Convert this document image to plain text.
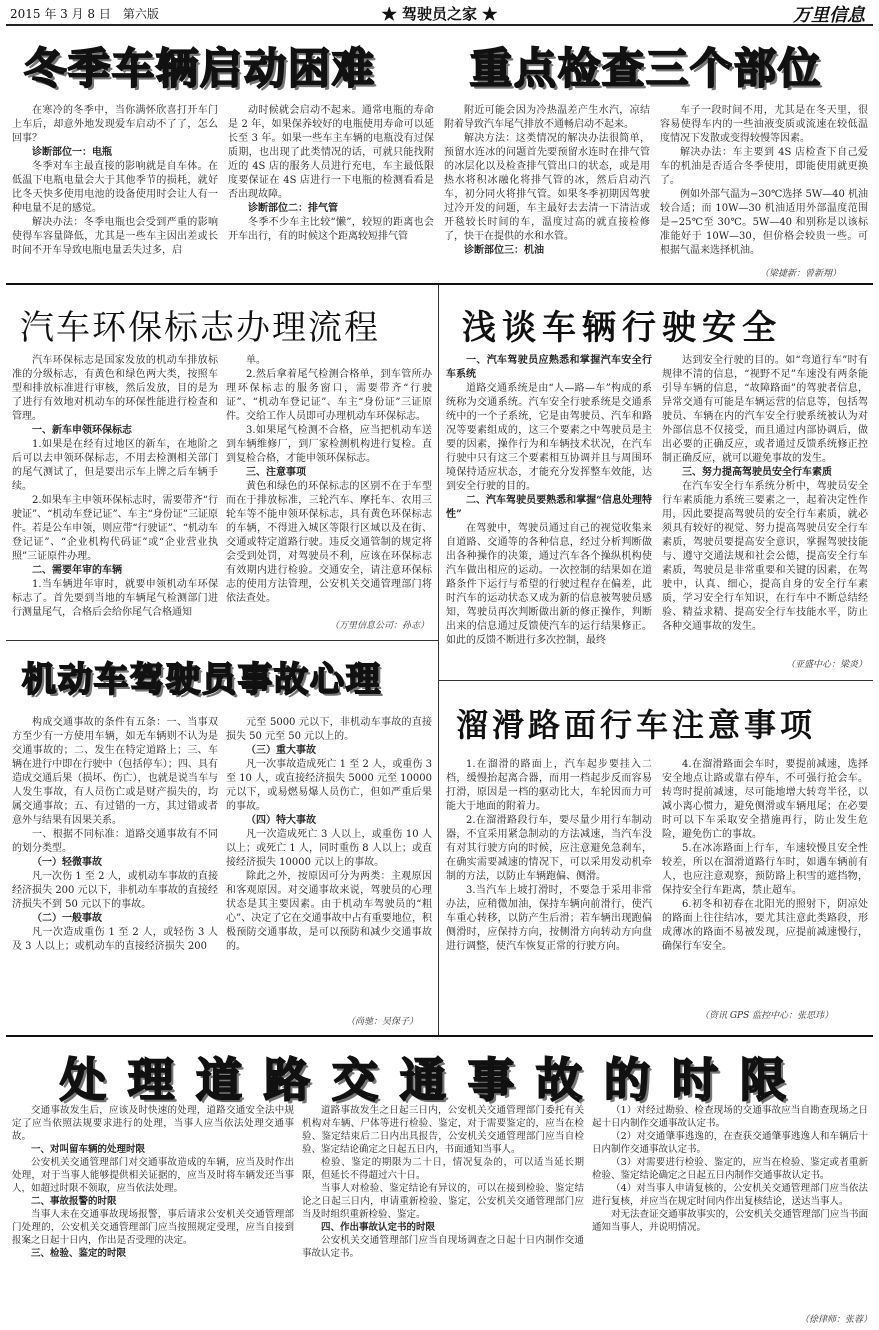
2015 年 3 月 8 日　第六版	★ 驾驶员之家 ★	万里信息
冬季车辆启动困难 重点检查三个部位

在寒冷的冬季中，当你满怀欣喜打开车门上车后，却意外地发现爱车启动不了了，怎么回事？

诊断部位一：电瓶

冬季对车主最直接的影响就是自车体。在低温下电瓶电量会大于其他季节的损耗，就好比冬天快多使用电池的设备使用时会让人有一种电量不足的感觉。

解决办法：冬季电瓶也会受到严重的影响使得车容量降低，尤其是一些车主因出差或长时间不开车导致电瓶电量丢失过多，启

动时候就会启动不起来。通常电瓶的寿命是 2 年，如果保养较好的电瓶使用寿命可以延长至 3 年。如果一些车主车辆的电瓶没有过保质期，也出现了此类情况的话，可就只能找附近的 4S 店的服务人员进行充电，车主最低限度要保证在 4S 店进行一下电瓶的检测看看是否出现故障。

诊断部位二：排气管

冬季不少车主比较“懒”，较短的距离也会开车出行，有的时候这个距离较短排气管

附近可能会因为冷热温差产生水汽，凉结附着导致汽车尾气排放不通畅启动不起来。

解决方法：这类情况的解决办法很简单，预留水连冰的问题首先要预留水连时在排气管的冰层化以及检查排气管出口的状态，或是用热水将积冰融化将排气管的冰，然后启动汽车，初分同火将排气管。如果冬季初期因驾驶过冷开发的问题，车主最好去去清一下清洁或开毯较长时间的车，温度过高的就直接检修了，快干在提供的水和水管。

诊断部位三：机油

车子一段时间不用，尤其是在冬天里，很容易使得车内的一些油液变质或流速在较低温度情况下发散或变得较慢等因素。

解决办法：车主要到 4S 店检查下自己爱车的机油是否适合冬季使用，即能使用就更换了。

例如外部气温为−30℃选择 5W—40 机油较合适；而 10W—30 机油适用外部温度范围是−25℃至 30℃。5W—40 和别称是以该标准能好于 10W—30，但价格会较贵一些。可根据气温来选择机油。

（梁捷新：曾新翔）
汽车环保标志办理流程

汽车环保标志是国家发放的机动车排放标准的分级标志，有黄色和绿色两大类，按照车型和排放标准进行审核，然后发放，目的是为了进行有效地对机动车的环保性能进行检查和管理。

一、新车申领环保标志

1.如果是在经有过地区的新车，在地阶之后可以去申领环保标志，不用去检测相关部门的尾气测试了，但是要出示车上牌之后车辆手续。

2.如果车主申领环保标志时，需要带齐“行驶证”、“机动车登记证”、车主“身份证”三证原件。若是公车申领，则应带“行驶证”、“机动车登记证”、“企业机构代码证”或“企业营业执照”三证原件办理。

二、需要年审的车辆

1.当车辆进年审时，就要申领机动车环保标志了。首先要到当地的车辆尾气检测部门进行测量尾气，合格后会给你尾气合格通知

单。

2.然后拿着尾气检测合格单，到车管所办理环保标志的服务窗口，需要带齐“行驶证”、“机动车登记证”、车主“身份证”三证原件。交给工作人员即可办理机动车环保标志。

3.如果尾气检测不合格，应当把机动车送到车辆维修厂，到厂家检测机构进行复检。直到复检合格，才能申领环保标志。

三、注意事项

黄色和绿色的环保标志的区别不在于车型而在于排放标准，三轮汽车、摩托车、农用三轮车等不能申领环保标志，具有黄色环保标志的车辆，不得进入城区等限行区域以及在街、交通或特定道路行驶。违反交通管制的规定将会受到处罚，对驾驶员不利，应该在环保标志有效期内进行检验。交通安全，请注意环保标志的使用方法管理，公安机关交通管理部门将依法查处。

（万里信息公司：孙志）
浅谈车辆行驶安全

一、汽车驾驶员应熟悉和掌握汽车安全行车系统

道路交通系统是由“人—路—车”构成的系统称为交通系统。汽车安全行驶系统是交通系统中的一个子系统，它是由驾驶员、汽车和路况等要素组成的，这三个要素之中驾驶员是主要的因素，操作行为和车辆技术状况，在汽车行驶中只有这三个要素相互协调并且与周围环境保持适应状态，才能充分发挥整车效能，达到安全行驶的目的。

二、汽车驾驶员要熟悉和掌握“信息处理特性”

在驾驶中，驾驶员通过自己的视觉收集来自道路、交通等的各种信息，经过分析判断做出各种操作的决策，通过汽车各个操纵机构使汽车做出相应的运动。一次控制的结果如在道路条件下运行与希望的行驶过程存在偏差，此时汽车的运动状态又成为新的信息被驾驶员感知，驾驶员再次判断做出新的修正操作，判断出来的信息通过反馈使汽车的运行结果修正。如此的反馈不断进行多次控制，最终

达到安全行驶的目的。如“弯道行车”时有规律不清的信息，“视野不足”车速没有两条能引导车辆的信息，“故障路面”的驾驶者信息，异常交通有可能是车辆运营的信息等，包括驾驶员、车辆在内的汽车安全行驶系统被认为对外部信息不仅接受，而且通过内部协调后，做出必要的正确反应，或者通过反馈系统修正控制正确反应，就可以避免事故的发生。

三、努力提高驾驶员安全行车素质

在汽车安全行车系统分析中，驾驶员安全行车素质能力系统三要素之一，起着决定性作用，因此要提高驾驶员的安全行车素质，就必须具有较好的视觉、努力提高驾驶员安全行车素质，驾驶员要提高安全意识，掌握驾驶技能与、遵守交通法规和社会公德，提高安全行车素质，驾驶员是非常重要和关键的因素，在驾驶中，认真、细心，提高自身的安全行车素质，学习安全行车知识，在行车中不断总结经验、精益求精、提高安全行车技能水平，防止各种交通事故的发生。

（亚盛中心：梁炎）
机动车驾驶员事故心理

构成交通事故的条件有五条：一、当事双方至少有一方使用车辆，如无车辆则不认为是交通事故的；二、发生在特定道路上；三、车辆在进行中即在行驶中（包括停车）；四、具有造成交通后果（损坏、伤亡），也就是说当车与人发生事故，有人员伤亡或是财产损失的，均属交通事故；五、有过错的一方，其过错或者意外与结果有因果关系。

一、根据不同标准：道路交通事故有不同的划分类型。

（一）轻微事故

凡一次伤 1 至 2 人，或机动车事故的直接经济损失 200 元以下，非机动车事故的直接经济损失不到 50 元以下的事故。

（二）一般事故

凡一次造成重伤 1 至 2 人，或轻伤 3 人及 3 人以上；或机动车的直接经济损失 200

元至 5000 元以下，非机动车事故的直接损失 50 元至 50 元以上的。

（三）重大事故

凡一次事故造成死亡 1 至 2 人，或重伤 3 至 10 人，或直接经济损失 5000 元至 10000 元以下，或易燃易爆人员伤亡，但如严重后果的事故。

（四）特大事故

凡一次造成死亡 3 人以上，或重伤 10 人以上；或死亡 1 人，同时重伤 8 人以上；或直接经济损失 10000 元以上的事故。

除此之外，按原因可分为两类：主观原因和客观原因。对交通事故来说，驾驶员的心理状态是其主要因素。由于机动车驾驶员的“粗心”、决定了它在交通事故中占有重要地位，积极预防交通事故，是可以预防和减少交通事故的。

（尚驰：吴保子）
溜滑路面行车注意事项

1.在溜滑的路面上，汽车起步要挂入二档，缓慢抬起离合器，而用一档起步反而容易打滑，原因是一档的驱动比大，车轮因而力可能大于地面的附着力。

2.在溜滑路段行车，要尽量少用行车制动器，不宜采用紧急制动的方法减速，当汽车没有对其行驶方向的时候，应注意避免急刹车，在确实需要减速的情况下，可以采用发动机牵制的方法，以防止车辆跑偏、侧滑。

3.当汽车上坡打滑时，不要急于采用非常办法，应稍微加油，保持车辆向前滑行，使汽车重心转移，以防产生后滑；若车辆出现跑偏侧滑时，应保持方向，按侧滑方向转动方向盘进行调整，使汽车恢复正常的行驶方向。

4.在溜滑路面会车时，要提前减速，选择安全地点让路或靠右停车，不可强行抢会车。转弯时提前减速，尽可能地增大转弯半径，以减小离心惯力，避免侧滑或车辆甩尾；在必要时可以下车采取安全措施再行，防止发生危险，避免伤亡的事故。

5.在冰冻路面上行车，车速较慢且安全性较差，所以在溜滑道路行车时，如遇车辆前有人，也应注意观察，预防路上积雪的遮挡物，保持安全行车距离，禁止超车。

6.初冬和初春在北阳光的照射下，阴凉处的路面上往往结冰，要尤其注意此类路段，形成薄冰的路面不易被发现，应提前减速慢行，确保行车安全。

（资讯 GPS 监控中心：张思玮）
处理道路交通事故的时限

交通事故发生后，应该及时快速的处理，道路交通安全法中规定了应当依照法规要求进行的处理，当事人应当依法处理交通事故。

一、对叫留车辆的处理时限

公安机关交通管理部门对交通事故造成的车辆，应当及时作出处理，对于当事人能够提供相关证据的，应当及时将车辆发还当事人，如超过时限不领取，应当依法处理。

二、事故报警的时限

当事人未在交通事故现场报警，事后请求公安机关交通管理部门处理的，公安机关交通管理部门应当按照规定受理，应当自接到报案之日起十日内，作出是否受理的决定。

三、检验、鉴定的时限

道路事故发生之日起三日内，公安机关交通管理部门委托有关机构对车辆、尸体等进行检验、鉴定，对于需要鉴定的，应当在检验、鉴定结束后二日内出具报告，公安机关交通管理部门应当自检验、鉴定结论确定之日起五日内，书面通知当事人。

检验、鉴定的期限为二十日，情况复杂的，可以适当延长期限，但延长不得超过六十日。

当事人对检验、鉴定结论有异议的，可以在接到检验、鉴定结论之日起三日内，申请重新检验、鉴定，公安机关交通管理部门应当及时组织重新检验、鉴定。

四、作出事故认定书的时限

公安机关交通管理部门应当自现场调查之日起十日内制作交通事故认定书。

（1）对经过勘验、检查现场的交通事故应当自勘查现场之日起十日内制作交通事故认定书。

（2）对交通肇事逃逸的，在查获交通肇事逃逸人和车辆后十日内制作交通事故认定书。

（3）对需要进行检验、鉴定的，应当在检验、鉴定或者重新检验、鉴定结论确定之日起五日内制作交通事故认定书。

（4）对当事人申请复核的，公安机关交通管理部门应当依法进行复核，并应当在规定时间内作出复核结论，送达当事人。

对无法查证交通事故事实的，公安机关交通管理部门应当书面通知当事人，并说明情况。

（徐律师：张蓉）
